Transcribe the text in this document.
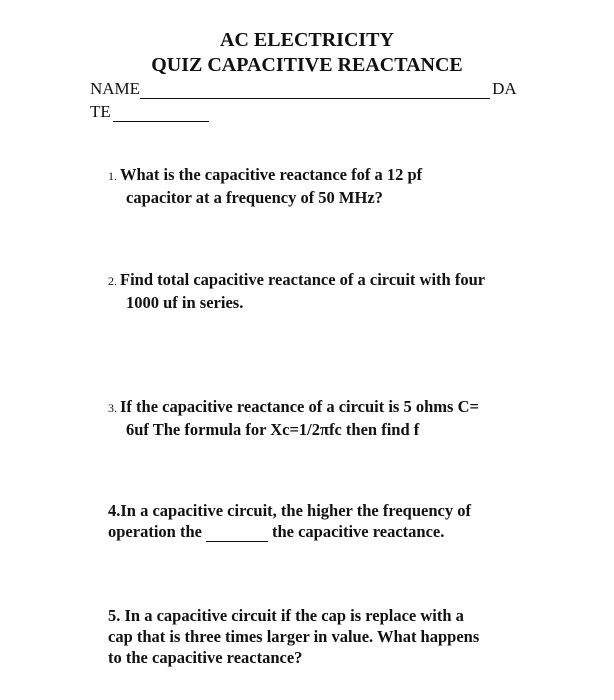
AC ELECTRICITY
QUIZ CAPACITIVE REACTANCE
NAME	DA
TE
1. What is the capacitive reactance fof a 12 pf
capacitor at a frequency of 50 MHz?
2. Find total capacitive reactance of a circuit with four
1000 uf in series.
3. If the capacitive reactance of a circuit is 5 ohms C=
6uf The formula for Xc=1/2πfc then find f
4.In a capacitive circuit, the higher the frequency of
operation the	the capacitive reactance.
5. In a capacitive circuit if the cap is replace with a
cap that is three times larger in value. What happens
to the capacitive reactance?
